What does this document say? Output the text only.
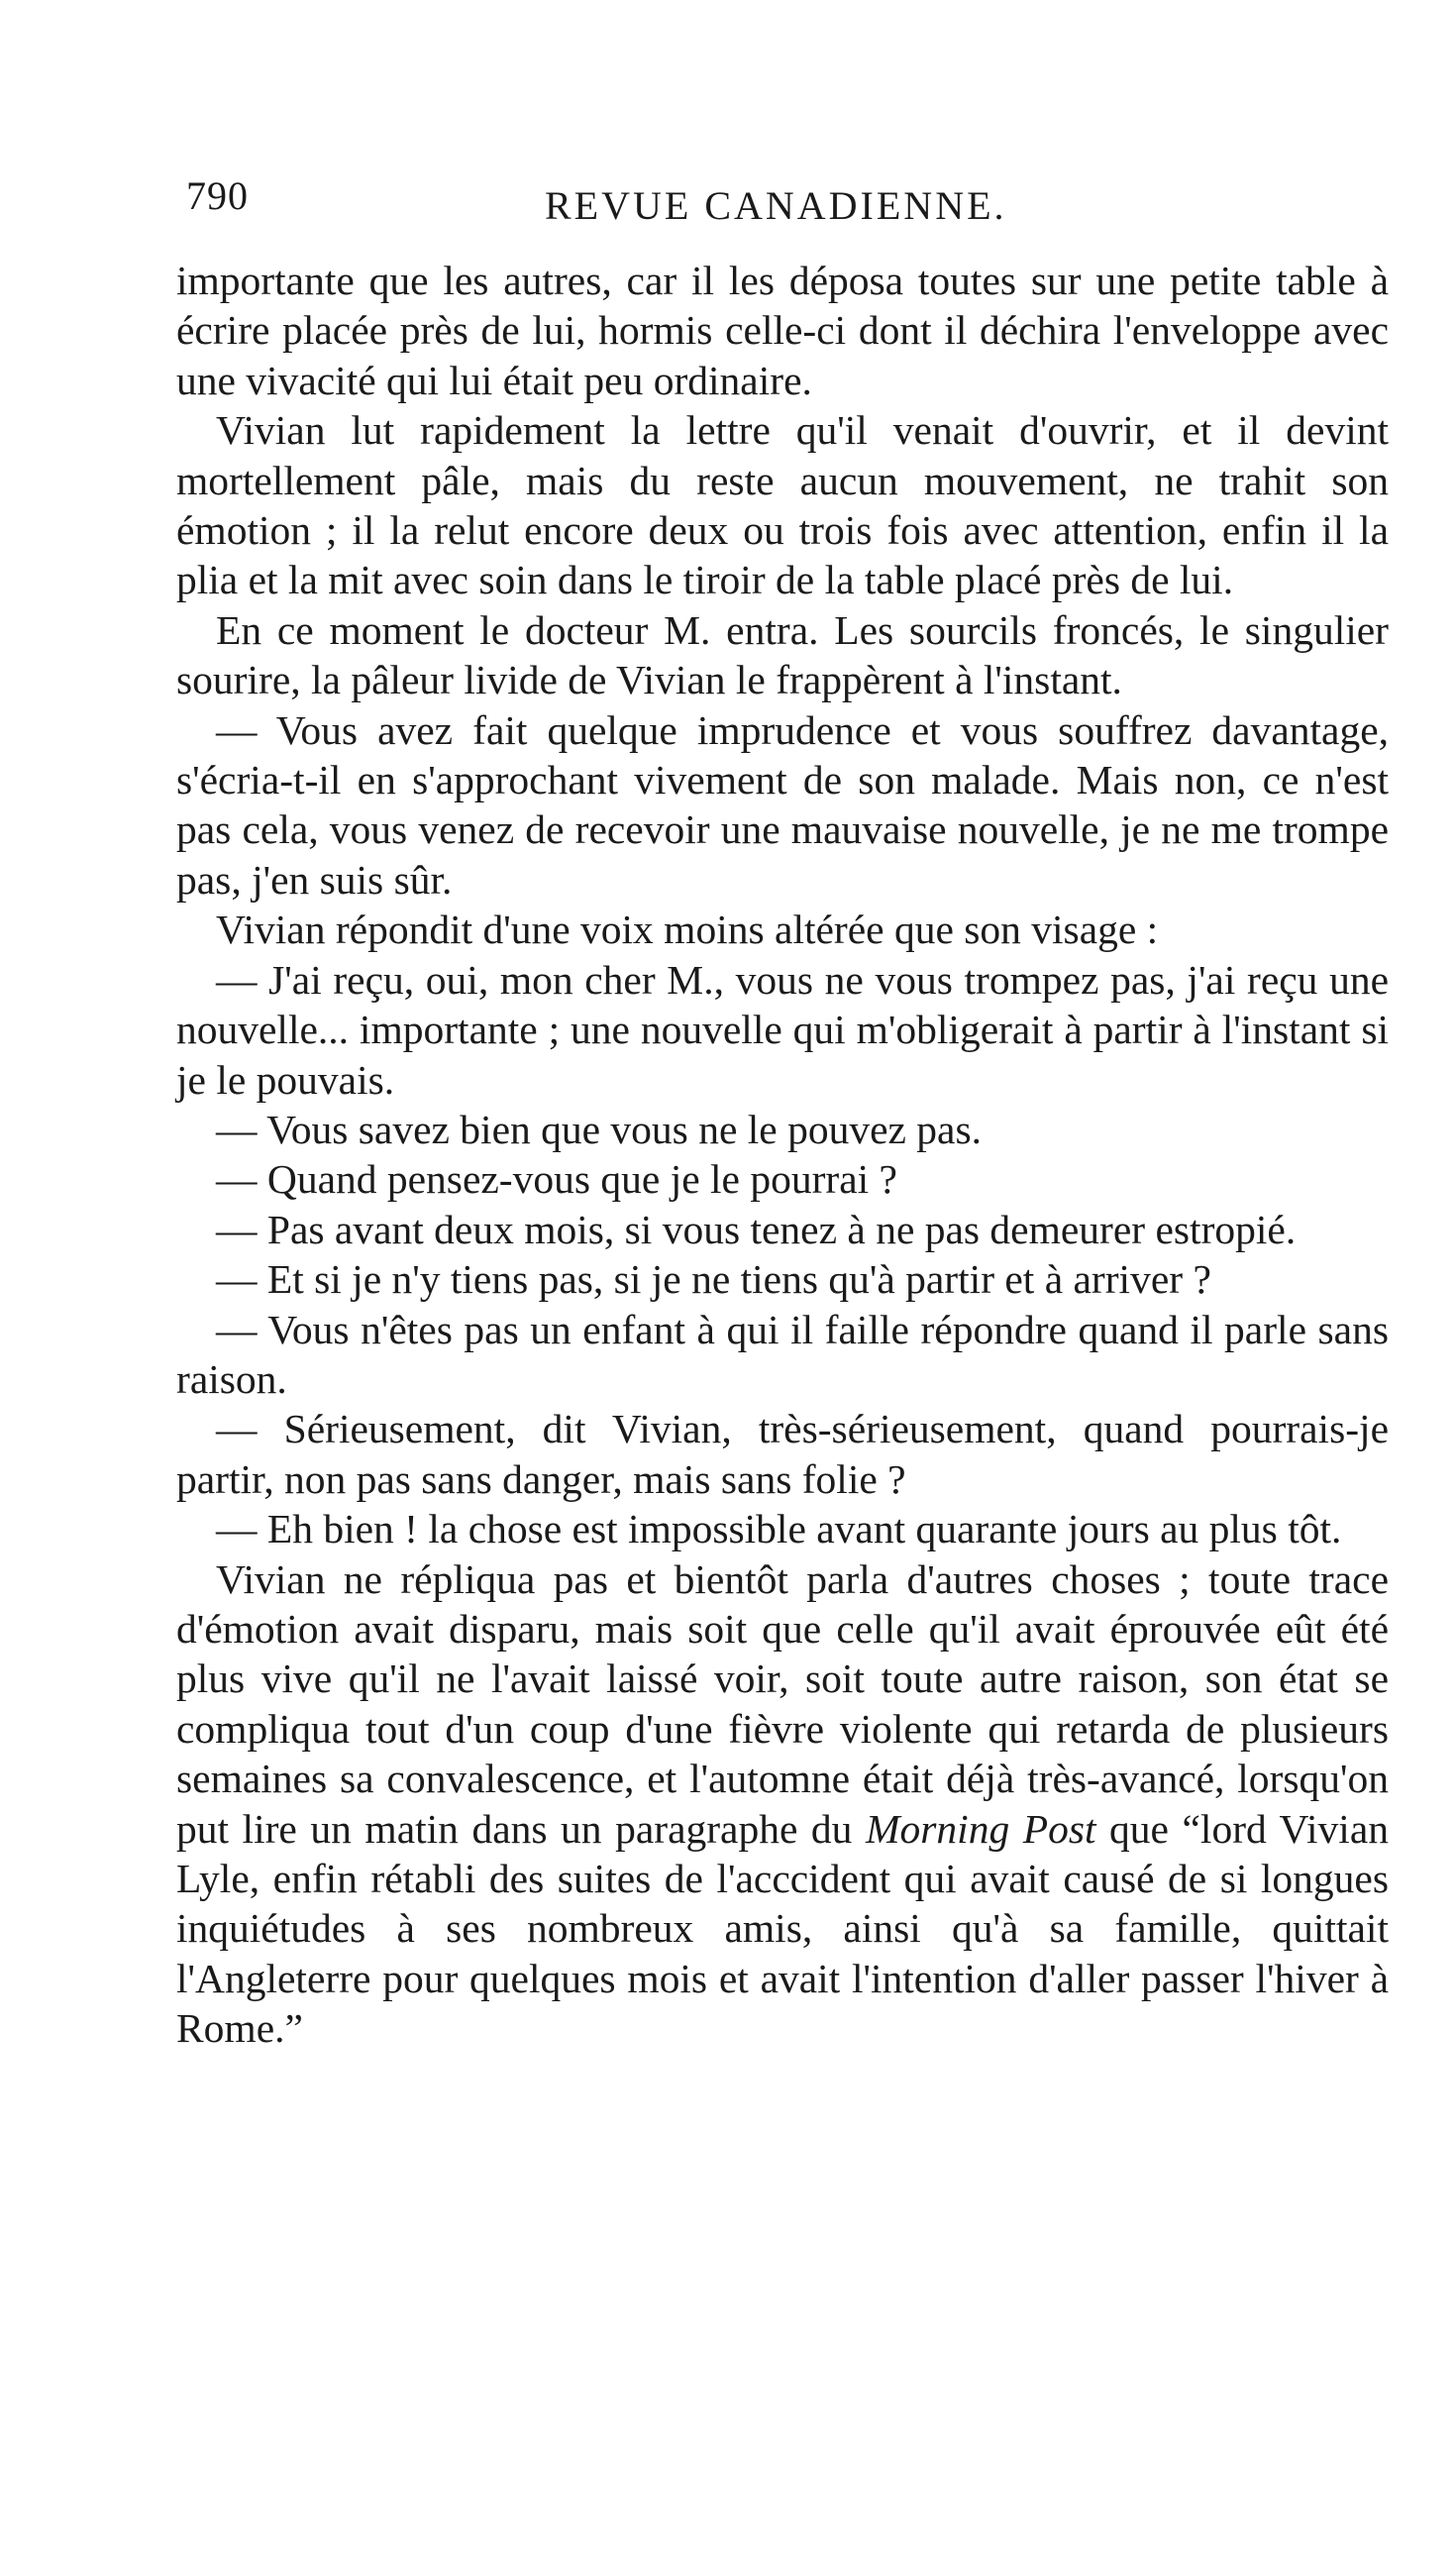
790	REVUE CANADIENNE.

importante que les autres, car il les déposa toutes sur une petite table à écrire placée près de lui, hormis celle-ci dont il déchira l'enveloppe avec une vivacité qui lui était peu ordinaire.

Vivian lut rapidement la lettre qu'il venait d'ouvrir, et il devint mortellement pâle, mais du reste aucun mouvement, ne trahit son émotion ; il la relut encore deux ou trois fois avec attention, enfin il la plia et la mit avec soin dans le tiroir de la table placé près de lui.

En ce moment le docteur M. entra. Les sourcils froncés, le singulier sourire, la pâleur livide de Vivian le frappèrent à l'instant.

— Vous avez fait quelque imprudence et vous souffrez davantage, s'écria-t-il en s'approchant vivement de son malade. Mais non, ce n'est pas cela, vous venez de recevoir une mauvaise nouvelle, je ne me trompe pas, j'en suis sûr.

Vivian répondit d'une voix moins altérée que son visage :

— J'ai reçu, oui, mon cher M., vous ne vous trompez pas, j'ai reçu une nouvelle... importante ; une nouvelle qui m'obligerait à partir à l'instant si je le pouvais.

— Vous savez bien que vous ne le pouvez pas.

— Quand pensez-vous que je le pourrai ?

— Pas avant deux mois, si vous tenez à ne pas demeurer estropié.

— Et si je n'y tiens pas, si je ne tiens qu'à partir et à arriver ?

— Vous n'êtes pas un enfant à qui il faille répondre quand il parle sans raison.

— Sérieusement, dit Vivian, très-sérieusement, quand pourrais-je partir, non pas sans danger, mais sans folie ?

— Eh bien ! la chose est impossible avant quarante jours au plus tôt.

Vivian ne répliqua pas et bientôt parla d'autres choses ; toute trace d'émotion avait disparu, mais soit que celle qu'il avait éprouvée eût été plus vive qu'il ne l'avait laissé voir, soit toute autre raison, son état se compliqua tout d'un coup d'une fièvre violente qui retarda de plusieurs semaines sa convalescence, et l'automne était déjà très-avancé, lorsqu'on put lire un matin dans un paragraphe du Morning Post que “lord Vivian Lyle, enfin rétabli des suites de l'acccident qui avait causé de si longues inquiétudes à ses nombreux amis, ainsi qu'à sa famille, quittait l'Angleterre pour quelques mois et avait l'intention d'aller passer l'hiver à Rome.”
